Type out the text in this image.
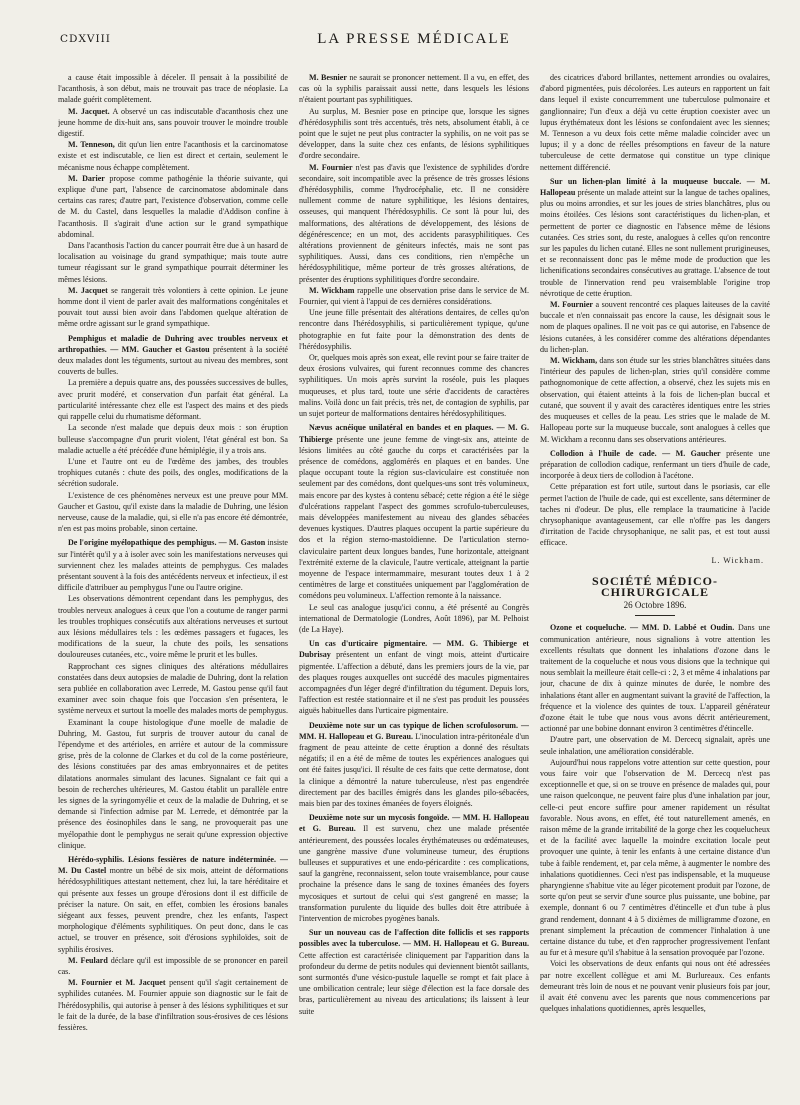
CDXVIII	LA PRESSE MÉDICALE

a cause était impossible à déceler. Il pensait à la possibilité de l'acanthosis, à son début, mais ne trouvait pas trace de néoplasie. La malade guérit complètement.

M. Jacquet. A observé un cas indiscutable d'acanthosis chez une jeune homme de dix-huit ans, sans pouvoir trouver le moindre trouble digestif.

M. Tenneson, dit qu'un lien entre l'acanthosis et la carcinomatose existe et est indiscutable, ce lien est direct et certain, seulement le mécanisme nous échappe complètement.

M. Darier propose comme pathogénie la théorie suivante, qui explique d'une part, l'absence de carcinomatose abdominale dans certains cas rares; d'autre part, l'existence d'observation, comme celle de M. du Castel, dans lesquelles la maladie d'Addison confine à l'acanthosis. Il s'agirait d'une action sur le grand sympathique abdominal.

Dans l'acanthosis l'action du cancer pourrait être due à un hasard de localisation au voisinage du grand sympathique; mais toute autre tumeur réagissant sur le grand sympathique pourrait déterminer les mêmes lésions.

M. Jacquet se rangerait très volontiers à cette opinion. Le jeune homme dont il vient de parler avait des malformations congénitales et pouvait tout aussi bien avoir dans l'abdomen quelque altération de même ordre agissant sur le grand sympathique.

Pemphigus et maladie de Duhring avec troubles nerveux et arthropathies. — MM. Gaucher et Gastou présentent à la société deux malades dont les téguments, surtout au niveau des membres, sont couverts de bulles.

La première a depuis quatre ans, des poussées successives de bulles, avec prurit modéré, et conservation d'un parfait état général. La particularité intéressante chez elle est l'aspect des mains et des pieds qui rappelle celui du rhumatisme déformant.

La seconde n'est malade que depuis deux mois : son éruption bulleuse s'accompagne d'un prurit violent, l'état général est bon. Sa maladie actuelle a été précédée d'une hémiplégie, il y a trois ans.

L'une et l'autre ont eu de l'œdème des jambes, des troubles trophiques cutanés : chute des poils, des ongles, modifications de la sécrétion sudorale.

L'existence de ces phénomènes nerveux est une preuve pour MM. Gaucher et Gastou, qu'il existe dans la maladie de Duhring, une lésion nerveuse, cause de la maladie, qui, si elle n'a pas encore été démontrée, n'en est pas moins probable, sinon certaine.

De l'origine myélopathique des pemphigus. — M. Gaston insiste sur l'intérêt qu'il y a à isoler avec soin les manifestations nerveuses qui surviennent chez les malades atteints de pemphygus. Ces malades présentant souvent à la fois des antécédents nerveux et infectieux, il est difficile d'attribuer au pemphygus l'une ou l'autre origine.

Les observations démontrent cependant dans les pemphygus, des troubles nerveux analogues à ceux que l'on a coutume de ranger parmi les troubles trophiques consécutifs aux altérations nerveuses et surtout aux lésions médullaires tels : les œdèmes passagers et fugaces, les modifications de la sueur, la chute des poils, les sensations douloureuses cutanées, etc., voire même le prurit et les bulles.

Rapprochant ces signes cliniques des altérations médullaires constatées dans deux autopsies de maladie de Duhring, dont la relation sera publiée en collaboration avec Lerrede, M. Gastou pense qu'il faut examiner avec soin chaque fois que l'occasion s'en présentera, le système nerveux et surtout la moelle des malades morts de pemphygus.

Examinant la coupe histologique d'une moelle de maladie de Duhring, M. Gastou, fut surpris de trouver autour du canal de l'épendyme et des artérioles, en arrière et autour de la commissure grise, près de la colonne de Clarkes et du col de la corne postérieure, des lésions constituées par des amas embryonnaires et de petites dilatations anormales simulant des lacunes. Signalant ce fait qui a besoin de recherches ultérieures, M. Gastou établit un parallèle entre les signes de la syringomyélie et ceux de la maladie de Duhring, et se demande si l'infection admise par M. Lerrede, et démontrée par la présence des éosinophiles dans le sang, ne provoquerait pas une myélopathie dont le pemphygus ne serait qu'une expression objective clinique.

Hérédo-syphilis. Lésions fessières de nature indéterminée. — M. Du Castel montre un bébé de six mois, atteint de déformations hérédosyphilitiques attestant nettement, chez lui, la tare héréditaire et qui présente aux fesses un groupe d'érosions dont il est difficile de préciser la nature. On sait, en effet, combien les érosions banales siégeant aux fesses, peuvent prendre, chez les enfants, l'aspect morphologique d'éléments syphilitiques. On peut donc, dans le cas actuel, se trouver en présence, soit d'érosions syphiloïdes, soit de syphilis érosives.

M. Feulard déclare qu'il est impossible de se prononcer en pareil cas.

M. Fournier et M. Jacquet pensent qu'il s'agit certainement de syphilides cutanées. M. Fournier appuie son diagnostic sur le fait de l'hérédosyphilis, qui autorise à penser à des lésions syphilitiques et sur le fait de la durée, de la base d'infiltration sous-érosives de ces lésions fessières.

M. Besnier ne saurait se prononcer nettement. Il a vu, en effet, des cas où la syphilis paraissait aussi nette, dans lesquels les lésions n'étaient pourtant pas syphilitiques.

Au surplus, M. Besnier pose en principe que, lorsque les signes d'hérédosyphilis sont très accentués, très nets, absolument établi, à ce point que le sujet ne peut plus contracter la syphilis, on ne voit pas se développer, dans la suite chez ces enfants, de lésions syphilitiques d'ordre secondaire.

M. Fournier n'est pas d'avis que l'existence de syphilides d'ordre secondaire, soit incompatible avec la présence de très grosses lésions d'hérédosyphilis, comme l'hydrocéphalie, etc. Il ne considère nullement comme de nature syphilitique, les lésions dentaires, osseuses, qui manquent l'hérédosyphilis. Ce sont là pour lui, des malformations, des altérations de développement, des lésions de dégénérescence; en un mot, des accidents parasyphilitiques. Ces altérations proviennent de géniteurs infectés, mais ne sont pas syphilitiques. Aussi, dans ces conditions, rien n'empêche un hérédosyphilitique, même porteur de très grosses altérations, de présenter des éruptions syphilitiques d'ordre secondaire.

M. Wickham rappelle une observation prise dans le service de M. Fournier, qui vient à l'appui de ces dernières considérations.

Une jeune fille présentait des altérations dentaires, de celles qu'on rencontre dans l'hérédosyphilis, si particulièrement typique, qu'une photographie en fut faite pour la démonstration des dents de l'hérédosyphilis.

Or, quelques mois après son exeat, elle revint pour se faire traiter de deux érosions vulvaires, qui furent reconnues comme des chancres syphilitiques. Un mois après survint la roséole, puis les plaques muqueuses, et plus tard, toute une série d'accidents de caractères malins. Voilà donc un fait précis, très net, de contagion de syphilis, par un sujet porteur de malformations dentaires hérédosyphilitiques.

Nævus acnéique unilatéral en bandes et en plaques. — M. G. Thibierge présente une jeune femme de vingt-six ans, atteinte de lésions limitées au côté gauche du corps et caractérisées par la présence de comédons, agglomérés en plaques et en bandes. Une plaque occupant toute la région sus-claviculaire est constituée non seulement par des comédons, dont quelques-uns sont très volumineux, mais encore par des kystes à contenu sébacé; cette région a été le siège d'ulcérations rappelant l'aspect des gommes scrofulo-tuberculeuses, mais développées manifestement au niveau des glandes sébacées devenues kystiques. D'autres plaques occupent la partie supérieure du dos et la région sterno-mastoïdienne. De l'articulation sterno-claviculaire partent deux longues bandes, l'une horizontale, atteignant l'extrémité externe de la clavicule, l'autre verticale, atteignant la partie moyenne de l'espace intermammaire, mesurant toutes deux 1 à 2 centimètres de large et constituées uniquement par l'agglomération de comédons peu volumineux. L'affection remonte à la naissance.

Le seul cas analogue jusqu'ici connu, a été présenté au Congrès international de Dermatologie (Londres, Août 1896), par M. Pelhoist (de La Haye).

Un cas d'urticaire pigmentaire. — MM. G. Thibierge et Dubrisay présentent un enfant de vingt mois, atteint d'urticaire pigmentée. L'affection a débuté, dans les premiers jours de la vie, par des plaques rouges auxquelles ont succédé des macules pigmentaires accompagnées d'un léger degré d'infiltration du tégument. Depuis lors, l'affection est restée stationnaire et il ne s'est pas produit les poussées aiguës habituelles dans l'urticaire pigmentaire.

Deuxième note sur un cas typique de lichen scrofulosorum. — MM. H. Hallopeau et G. Bureau. L'inoculation intra-péritonéale d'un fragment de peau atteinte de cette éruption a donné des résultats négatifs; il en a été de même de toutes les expériences analogues qui ont été faites jusqu'ici. Il résulte de ces faits que cette dermatose, dont la clinique a démontré la nature tuberculeuse, n'est pas engendrée directement par des bacilles émigrés dans les glandes pilo-sébacées, mais bien par des toxines émanées de foyers éloignés.

Deuxième note sur un mycosis fongoïde. — MM. H. Hallopeau et G. Bureau. Il est survenu, chez une malade présentée antérieurement, des poussées locales érythémateuses ou œdémateuses, une gangrène massive d'une volumineuse tumeur, des éruptions bulleuses et suppuratives et une endo-péricardite : ces complications, sauf la gangrène, reconnaissent, selon toute vraisemblance, pour cause prochaine la présence dans le sang de toxines émanées des foyers mycosiques et surtout de celui qui s'est gangrené en masse; la transformation purulente du liquide des bulles doit être attribuée à l'intervention de microbes pyogènes banals.

Sur un nouveau cas de l'affection dite folliclis et ses rapports possibles avec la tuberculose. — MM. H. Hallopeau et G. Bureau. Cette affection est caractérisée cliniquement par l'apparition dans la profondeur du derme de petits nodules qui deviennent bientôt saillants, sont surmontés d'une vésico-pustule laquelle se rompt et fait place à une ombilication centrale; leur siège d'élection est la face dorsale des bras, particulièrement au niveau des articulations; ils laissent à leur suite

des cicatrices d'abord brillantes, nettement arrondies ou ovalaires, d'abord pigmentées, puis décolorées. Les auteurs en rapportent un fait dans lequel il existe concurremment une tuberculose pulmonaire et ganglionnaire; l'un d'eux a déjà vu cette éruption coexister avec un lupus érythémateux dont les lésions se confondaient avec les siennes; M. Tenneson a vu deux fois cette même maladie coïncider avec un lupus; il y a donc de réelles présomptions en faveur de la nature tuberculeuse de cette dermatose qui constitue un type clinique nettement différencié.

Sur un lichen-plan limité à la muqueuse buccale. — M. Hallopeau présente un malade atteint sur la langue de taches opalines, plus ou moins arrondies, et sur les joues de stries blanchâtres, plus ou moins étoilées. Ces lésions sont caractéristiques du lichen-plan, et permettent de porter ce diagnostic en l'absence même de lésions cutanées. Ces stries sont, du reste, analogues à celles qu'on rencontre sur les papules du lichen cutané. Elles ne sont nullement prurigineuses, et se reconnaissent donc pas le même mode de production que les lichenifications secondaires consécutives au grattage. L'absence de tout trouble de l'innervation rend peu vraisemblable l'origine trop névrotique de cette éruption.

M. Fournier a souvent rencontré ces plaques laiteuses de la cavité buccale et n'en connaissait pas encore la cause, les désignait sous le nom de plaques opalines. Il ne voit pas ce qui autorise, en l'absence de lésions cutanées, à les considérer comme des altérations dépendantes du lichen-plan.

M. Wickham, dans son étude sur les stries blanchâtres situées dans l'intérieur des papules de lichen-plan, stries qu'il considère comme pathognomonique de cette affection, a observé, chez les sujets mis en observation, qui étaient atteints à la fois de lichen-plan buccal et cutané, que souvent il y avait des caractères identiques entre les stries des muqueuses et celles de la peau. Les stries que le malade de M. Hallopeau porte sur la muqueuse buccale, sont analogues à celles que M. Wickham a reconnu dans ses observations antérieures.

Collodion à l'huile de cade. — M. Gaucher présente une préparation de collodion cadique, renfermant un tiers d'huile de cade, incorporée à deux tiers de collodion à l'acétone.

Cette préparation est fort utile, surtout dans le psoriasis, car elle permet l'action de l'huile de cade, qui est excellente, sans déterminer de taches ni d'odeur. De plus, elle remplace la traumaticine à l'acide chrysophanique avantageusement, car elle n'offre pas les dangers d'irritation de l'acide chrysophanique, ne salit pas, et est tout aussi efficace.

L. Wickham.
SOCIÉTÉ MÉDICO-CHIRURGICALE
26 Octobre 1896.

Ozone et coqueluche. — MM. D. Labbé et Oudin. Dans une communication antérieure, nous signalions à votre attention les excellents résultats que donnent les inhalations d'ozone dans le traitement de la coqueluche et nous vous disions que la technique qui nous semblait la meilleure était celle-ci : 2, 3 et même 4 inhalations par jour, chacune de dix à quinze minutes de durée, le nombre des inhalations étant aller en augmentant suivant la gravité de l'affection, la fréquence et la violence des quintes de toux. L'appareil générateur d'ozone était le tube que nous vous avons décrit antérieurement, actionné par une bobine donnant environ 3 centimètres d'étincelle.

D'autre part, une observation de M. Dercecq signalait, après une seule inhalation, une amélioration considérable.

Aujourd'hui nous rappelons votre attention sur cette question, pour vous faire voir que l'observation de M. Dercecq n'est pas exceptionnelle et que, si on se trouve en présence de malades qui, pour une raison quelconque, ne peuvent faire plus d'une inhalation par jour, celle-ci peut encore suffire pour amener rapidement un résultat favorable. Nous avons, en effet, été tout naturellement amenés, en raison même de la grande irritabilité de la gorge chez les coquelucheux et de la facilité avec laquelle la moindre excitation locale peut provoquer une quinte, à tenir les enfants à une certaine distance d'un tube à faible rendement, et, par cela même, à augmenter le nombre des inhalations quotidiennes. Ceci n'est pas indispensable, et la muqueuse pharyngienne s'habitue vite au léger picotement produit par l'ozone, de sorte qu'on peut se servir d'une source plus puissante, une bobine, par exemple, donnant 6 ou 7 centimètres d'étincelle et d'un tube à plus grand rendement, donnant 4 à 5 dixièmes de milligramme d'ozone, en prenant simplement la précaution de commencer l'inhalation à une certaine distance du tube, et d'en rapprocher progressivement l'enfant au fur et à mesure qu'il s'habitue à la sensation provoquée par l'ozone.

Voici les observations de deux enfants qui nous ont été adressées par notre excellent collègue et ami M. Burlureaux. Ces enfants demeurant très loin de nous et ne pouvant venir plusieurs fois par jour, il avait été convenu avec les parents que nous commencerions par quelques inhalations quotidiennes, après lesquelles,
